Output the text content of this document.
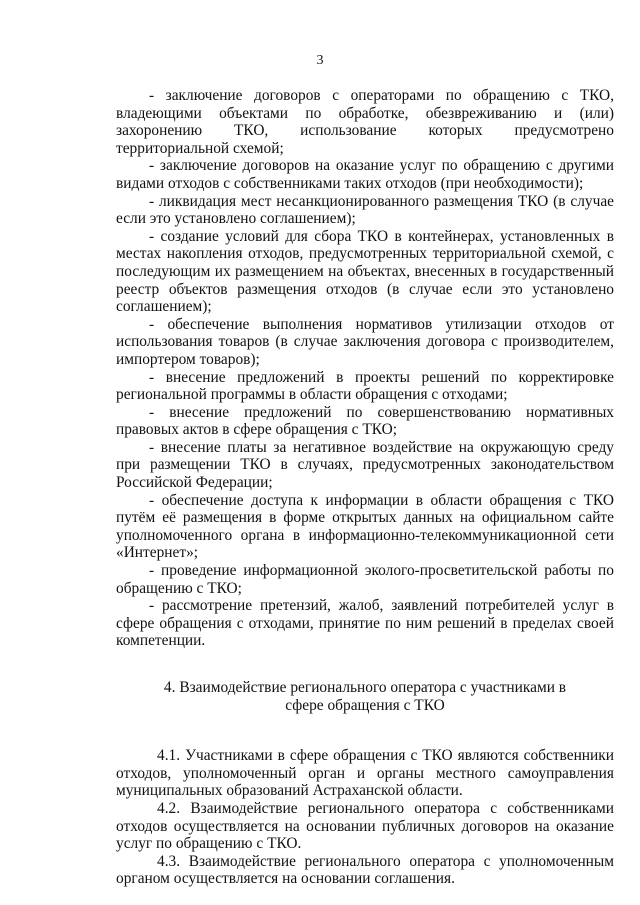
3

- заключение договоров с операторами по обращению с ТКО, владеющими объектами по обработке, обезвреживанию и (или) захоронению ТКО, использование которых предусмотрено территориальной схемой;

- заключение договоров на оказание услуг по обращению с другими видами отходов с собственниками таких отходов (при необходимости);

- ликвидация мест несанкционированного размещения ТКО (в случае если это установлено соглашением);

- создание условий для сбора ТКО в контейнерах, установленных в местах накопления отходов, предусмотренных территориальной схемой, с последующим их размещением на объектах, внесенных в государственный реестр объектов размещения отходов (в случае если это установлено соглашением);

- обеспечение выполнения нормативов утилизации отходов от использования товаров (в случае заключения договора с производителем, импортером товаров);

- внесение предложений в проекты решений по корректировке региональной программы в области обращения с отходами;

- внесение предложений по совершенствованию нормативных правовых актов в сфере обращения с ТКО;

- внесение платы за негативное воздействие на окружающую среду при размещении ТКО в случаях, предусмотренных законодательством Российской Федерации;

- обеспечение доступа к информации в области обращения с ТКО путём её размещения в форме открытых данных на официальном сайте уполномоченного органа в информационно-телекоммуникационной сети «Интернет»;

- проведение информационной эколого-просветительской работы по обращению с ТКО;

- рассмотрение претензий, жалоб, заявлений потребителей услуг в сфере обращения с отходами, принятие по ним решений в пределах своей компетенции.

4. Взаимодействие регионального оператора с участниками в сфере обращения с ТКО

4.1. Участниками в сфере обращения с ТКО являются собственники отходов, уполномоченный орган и органы местного самоуправления муниципальных образований Астраханской области.

4.2. Взаимодействие регионального оператора с собственниками отходов осуществляется на основании публичных договоров на оказание услуг по обращению с ТКО.

4.3. Взаимодействие регионального оператора с уполномоченным органом осуществляется на основании соглашения.
